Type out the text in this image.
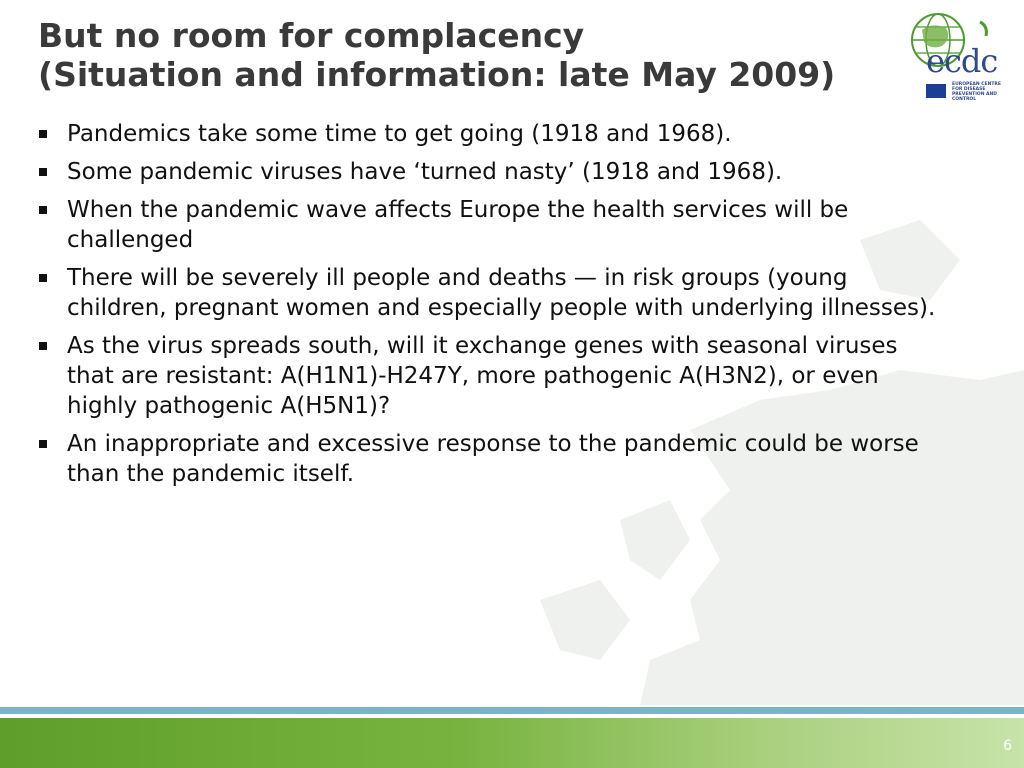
But no room for complacency
(Situation and information: late May 2009)	ecdc
EUROPEAN CENTRE FOR DISEASE PREVENTION AND CONTROL
Pandemics take some time to get going (1918 and 1968).
Some pandemic viruses have ‘turned nasty’ (1918 and 1968).
When the pandemic wave affects Europe the health services will be challenged
There will be severely ill people and deaths — in risk groups (young children, pregnant women and especially people with underlying illnesses).
As the virus spreads south, will it exchange genes with seasonal viruses that are resistant: A(H1N1)-H247Y, more pathogenic A(H3N2), or even highly pathogenic A(H5N1)?
An inappropriate and excessive response to the pandemic could be worse than the pandemic itself.
6
